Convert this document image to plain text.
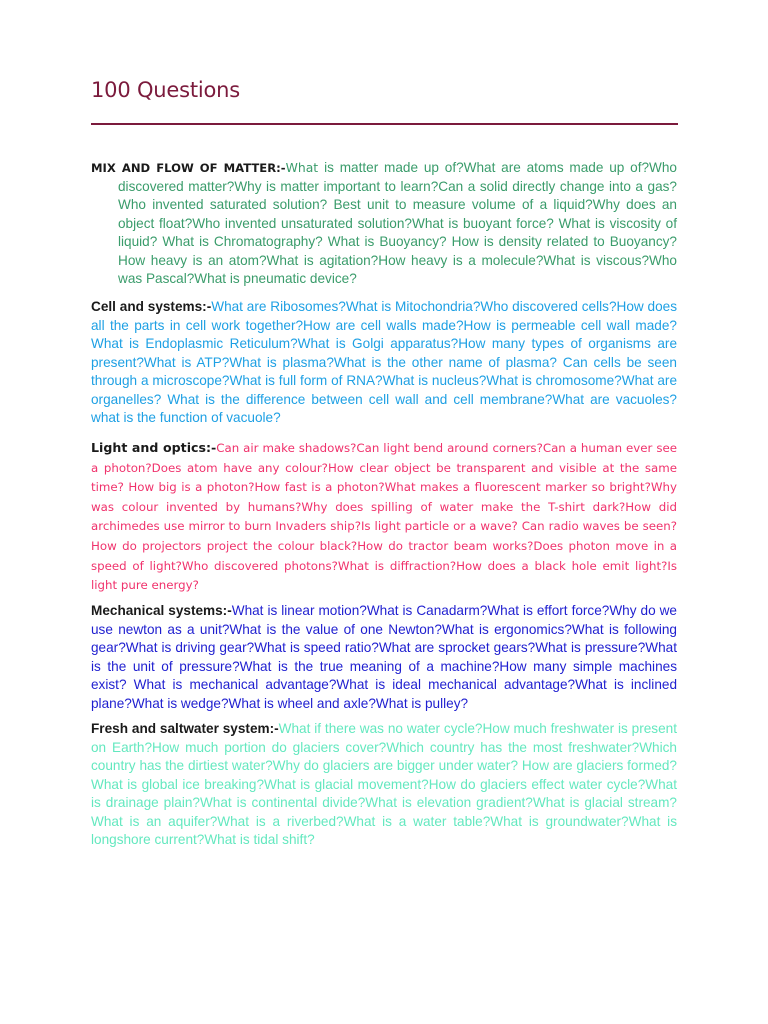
100 Questions

MIX AND FLOW OF MATTER:-What is matter made up of?What are atoms made up of?Who discovered matter?Why is matter important to learn?Can a solid directly change into a gas?Who invented saturated solution? Best unit to measure volume of a liquid?Why does an object float?Who invented unsaturated solution?What is buoyant force? What is viscosity of liquid? What is Chromatography? What is Buoyancy? How is density related to Buoyancy?How heavy is an atom?What is agitation?How heavy is a molecule?What is viscous?Who was Pascal?What is pneumatic device?

Cell and systems:-What are Ribosomes?What is Mitochondria?Who discovered cells?How does all the parts in cell work together?How are cell walls made?How is permeable cell wall made?What is Endoplasmic Reticulum?What is Golgi apparatus?How many types of organisms are present?What is ATP?What is plasma?What is the other name of plasma? Can cells be seen through a microscope?What is full form of RNA?What is nucleus?What is chromosome?What are organelles? What is the difference between cell wall and cell membrane?What are vacuoles?what is the function of vacuole?

Light and optics:-Can air make shadows?Can light bend around corners?Can a human ever see a photon?Does atom have any colour?How clear object be transparent and visible at the same time? How big is a photon?How fast is a photon?What makes a fluorescent marker so bright?Why was colour invented by humans?Why does spilling of water make the T-shirt dark?How did archimedes use mirror to burn Invaders ship?Is light particle or a wave? Can radio waves be seen?How do projectors project the colour black?How do tractor beam works?Does photon move in a speed of light?Who discovered photons?What is diffraction?How does a black hole emit light?Is light pure energy?

Mechanical systems:-What is linear motion?What is Canadarm?What is effort force?Why do we use newton as a unit?What is the value of one Newton?What is ergonomics?What is following gear?What is driving gear?What is speed ratio?What are sprocket gears?What is pressure?What is the unit of pressure?What is the true meaning of a machine?How many simple machines exist? What is mechanical advantage?What is ideal mechanical advantage?What is inclined plane?What is wedge?What is wheel and axle?What is pulley?

Fresh and saltwater system:-What if there was no water cycle?How much freshwater is present on Earth?How much portion do glaciers cover?Which country has the most freshwater?Which country has the dirtiest water?Why do glaciers are bigger under water? How are glaciers formed?What is global ice breaking?What is glacial movement?How do glaciers effect water cycle?What is drainage plain?What is continental divide?What is elevation gradient?What is glacial stream?What is an aquifer?What is a riverbed?What is a water table?What is groundwater?What is longshore current?What is tidal shift?
